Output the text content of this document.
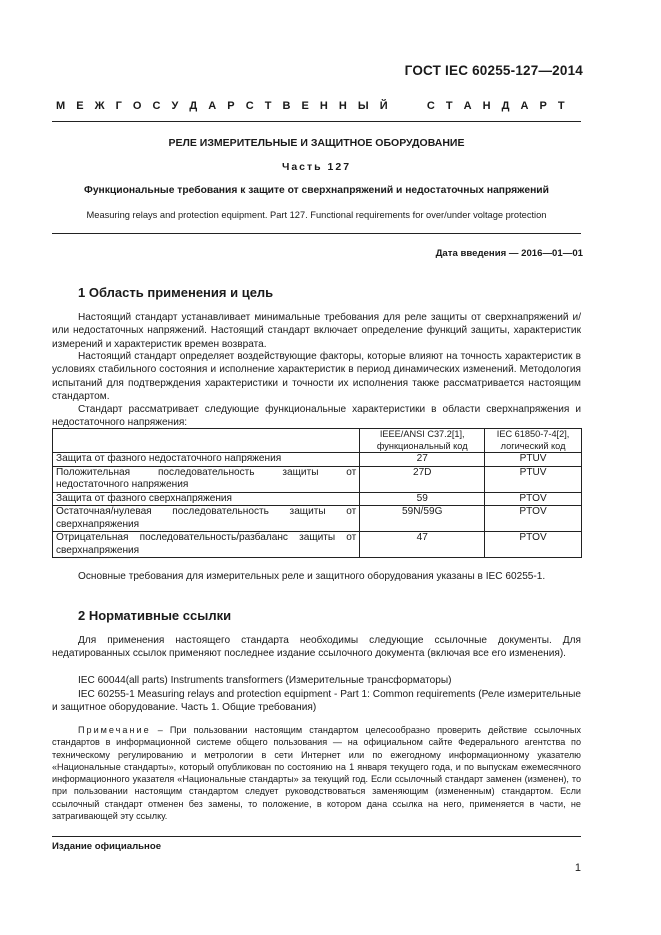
ГОСТ IEC 60255-127—2014
М Е Ж Г О С У Д А Р С Т В Е Н Н Ы Й

	С Т А Н Д А Р Т
РЕЛЕ ИЗМЕРИТЕЛЬНЫЕ И ЗАЩИТНОЕ ОБОРУДОВАНИЕ
Часть 127
Функциональные требования к защите от сверхнапряжений и недостаточных напряжений
Measuring relays and protection equipment. Part 127. Functional requirements for over/under voltage protection
Дата введения — 2016—01—01
1 Область применения и цель
Настоящий стандарт устанавливает минимальные требования для реле защиты от сверхнапряжений и/или недостаточных напряжений. Настоящий стандарт включает определение функций защиты, характеристик измерений и характеристик времен возврата.
Настоящий стандарт определяет воздействующие факторы, которые влияют на точность характеристик в условиях стабильного состояния и исполнение характеристик в период динамических изменений. Методология испытаний для подтверждения характеристики и точности их исполнения также рассматривается настоящим стандартом.
Стандарт рассматривает следующие функциональные характеристики в области сверхнапряжения и недостаточного напряжения:
	IEEE/ANSI C37.2[1], функциональный код	IEC 61850-7-4[2], логический код
Защита от фазного недостаточного напряжения	27	PTUV
Положительная последовательность защиты от недостаточного напряжения	27D	PTUV
Защита от фазного сверхнапряжения	59	PTOV
Остаточная/нулевая последовательность защиты от сверхнапряжения	59N/59G	PTOV
Отрицательная последовательность/разбаланс защиты от сверхнапряжения	47	PTOV
Основные требования для измерительных реле и защитного оборудования указаны в IEC 60255-1.
2 Нормативные ссылки
Для применения настоящего стандарта необходимы следующие ссылочные документы. Для недатированных ссылок применяют последнее издание ссылочного документа (включая все его изменения).
IEC 60044(all parts) Instruments transformers (Измерительные трансформаторы)
IEC 60255-1 Measuring relays and protection equipment - Part 1: Common requirements (Реле измерительные и защитное оборудование. Часть 1. Общие требования)
Примечание – При пользовании настоящим стандартом целесообразно проверить действие ссылочных стандартов в информационной системе общего пользования — на официальном сайте Федерального агентства по техническому регулированию и метрологии в сети Интернет или по ежегодному информационному указателю «Национальные стандарты», который опубликован по состоянию на 1 января текущего года, и по выпускам ежемесячного информационного указателя «Национальные стандарты» за текущий год. Если ссылочный стандарт заменен (изменен), то при пользовании настоящим стандартом следует руководствоваться заменяющим (измененным) стандартом. Если ссылочный стандарт отменен без замены, то положение, в котором дана ссылка на него, применяется в части, не затрагивающей эту ссылку.
Издание официальное
1
